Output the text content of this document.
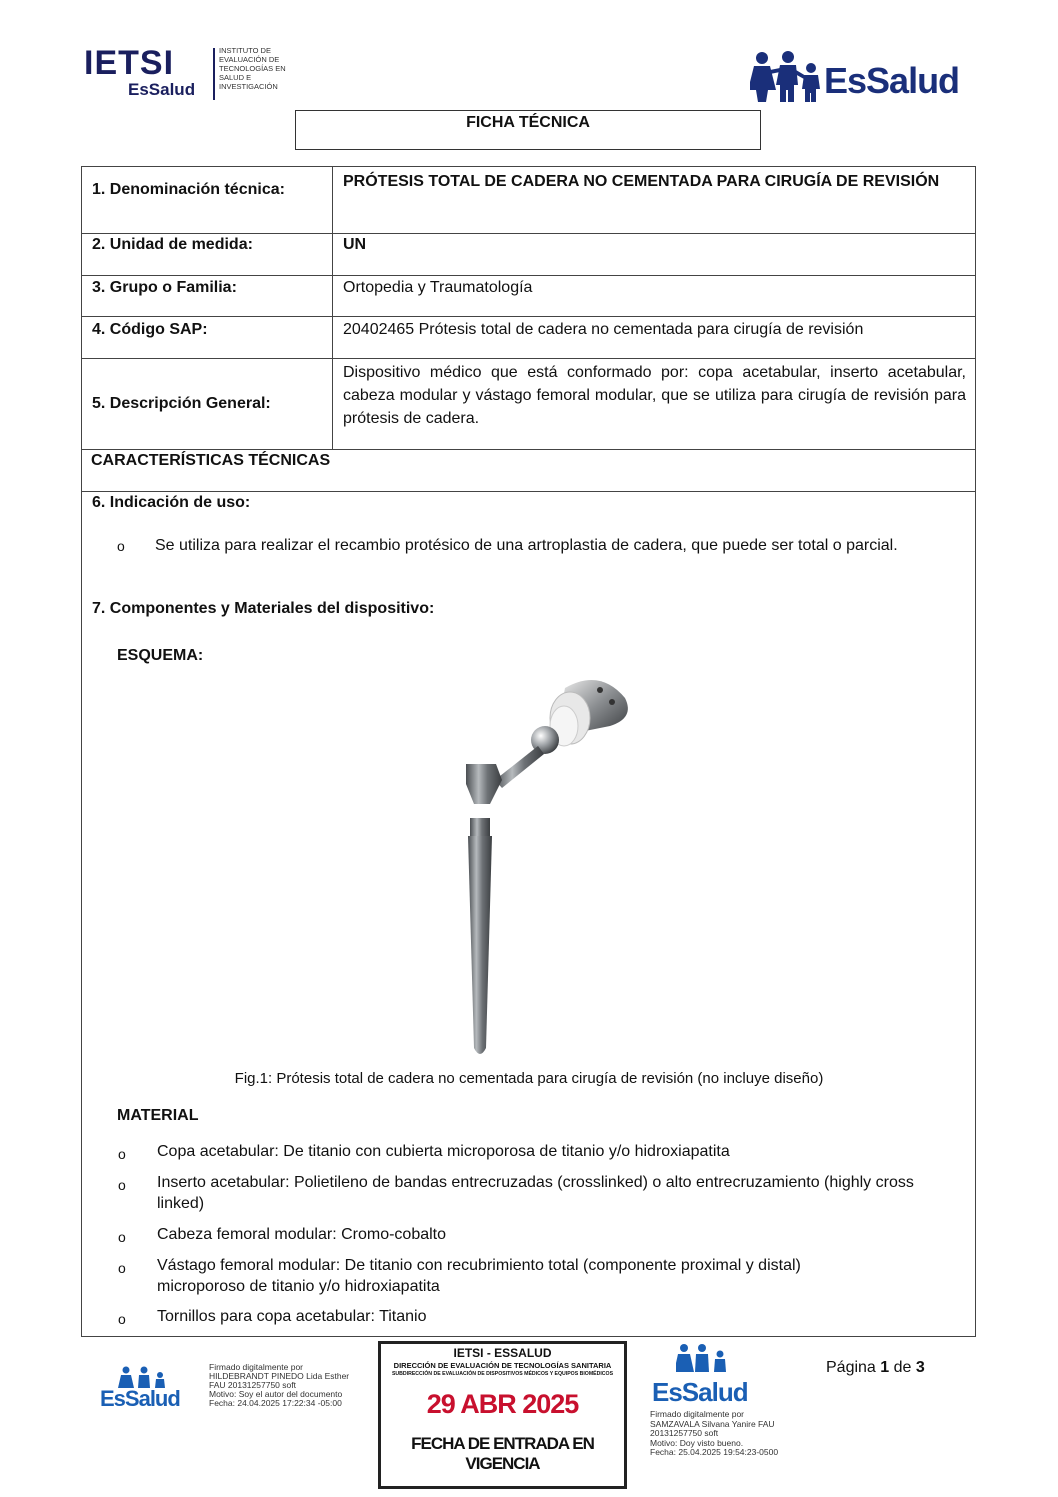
IETSI
EsSalud
INSTITUTO DE
EVALUACIÓN DE
TECNOLOGÍAS EN
SALUD E
INVESTIGACIÓN	EsSalud
FICHA TÉCNICA
1. Denominación técnica:	PRÓTESIS TOTAL DE CADERA NO CEMENTADA PARA CIRUGÍA DE REVISIÓN
2. Unidad de medida:	UN
3. Grupo o Familia:	Ortopedia y Traumatología
4. Código SAP:	20402465 Prótesis total de cadera no cementada para cirugía de revisión
5. Descripción General:
Dispositivo médico que está conformado por: copa acetabular, inserto acetabular, cabeza modular y vástago femoral modular, que se utiliza para cirugía de revisión para prótesis de cadera.
CARACTERÍSTICAS TÉCNICAS
6. Indicación de uso:
o Se utiliza para realizar el recambio protésico de una artroplastia de cadera, que puede ser total o parcial.
7. Componentes y Materiales del dispositivo:
ESQUEMA:
Fig.1: Prótesis total de cadera no cementada para cirugía de revisión (no incluye diseño)
MATERIAL
o Copa acetabular: De titanio con cubierta microporosa de titanio y/o hidroxiapatita
o Inserto acetabular: Polietileno de bandas entrecruzadas (crosslinked) o alto entrecruzamiento (highly cross linked)
o Cabeza femoral modular: Cromo-cobalto
o Vástago femoral modular: De titanio con recubrimiento total (componente proximal y distal) microporoso de titanio y/o hidroxiapatita
o Tornillos para copa acetabular: Titanio
EsSalud
Firmado digitalmente por
HILDEBRANDT PINEDO Lida Esther
FAU 20131257750 soft
Motivo: Soy el autor del documento
Fecha: 24.04.2025 17:22:34 -05:00
IETSI - ESSALUD
DIRECCIÓN DE EVALUACIÓN DE TECNOLOGÍAS SANITARIA
SUBDIRECCIÓN DE EVALUACIÓN DE DISPOSITIVOS MÉDICOS Y EQUIPOS BIOMÉDICOS
29 ABR 2025
FECHA DE ENTRADA EN VIGENCIA
EsSalud
Firmado digitalmente por
SAMZAVALA Silvana Yanire FAU
20131257750 soft
Motivo: Doy visto bueno.
Fecha: 25.04.2025 19:54:23-0500
Página 1 de 3
